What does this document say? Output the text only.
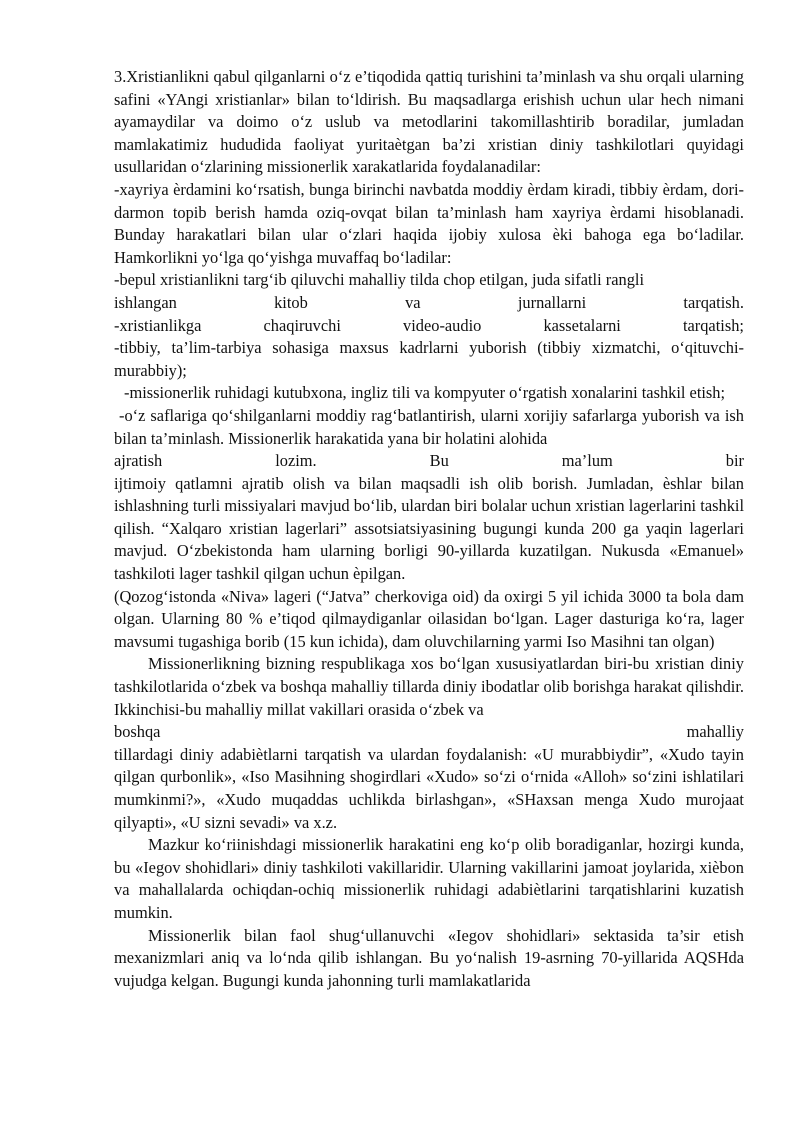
3.Xristianlikni qabul qilganlarni o‘z e’tiqodida qattiq turishini ta’minlash va shu orqali ularning safini «YAngi xristianlar» bilan to‘ldirish. Bu maqsadlarga erishish uchun ular hech nimani ayamaydilar va doimo o‘z uslub va metodlarini takomillashtirib boradilar, jumladan mamlakatimiz hududida faoliyat yuritaètgan ba’zi xristian diniy tashkilotlari quyidagi usullaridan o‘zlarining missionerlik xarakatlarida foydalanadilar:

-xayriya èrdamini ko‘rsatish, bunga birinchi navbatda moddiy èrdam kiradi, tibbiy èrdam, dori-darmon topib berish hamda oziq-ovqat bilan ta’minlash ham xayriya èrdami hisoblanadi. Bunday harakatlari bilan ular o‘zlari haqida ijobiy xulosa èki bahoga ega bo‘ladilar. Hamkorlikni yo‘lga qo‘yishga muvaffaq bo‘ladilar:

-bepul xristianlikni targ‘ib qiluvchi mahalliy tilda chop etilgan, juda sifatli rangli

ishlangan	kitob	va	jurnallarni	tarqatish.
-xristianlikga	chaqiruvchi	video-audio	kassetalarni	tarqatish;

-tibbiy, ta’lim-tarbiya sohasiga maxsus kadrlarni yuborish (tibbiy xizmatchi, o‘qituvchi-murabbiy);

-missionerlik ruhidagi kutubxona, ingliz tili va kompyuter o‘rgatish xonalarini tashkil etish;

-o‘z saflariga qo‘shilganlarni moddiy rag‘batlantirish, ularni xorijiy safarlarga yuborish va ish bilan ta’minlash. Missionerlik harakatida yana bir holatini alohida

ajratish	lozim.	Bu	ma’lum	bir

ijtimoiy qatlamni ajratib olish va bilan maqsadli ish olib borish. Jumladan, èshlar bilan ishlashning turli missiyalari mavjud bo‘lib, ulardan biri bolalar uchun xristian lagerlarini tashkil qilish. “Xalqaro xristian lagerlari” assotsiatsiyasining bugungi kunda 200 ga yaqin lagerlari mavjud. O‘zbekistonda ham ularning borligi 90-yillarda kuzatilgan. Nukusda «Emanuel» tashkiloti lager tashkil qilgan uchun èpilgan.

(Qozog‘istonda «Niva» lageri (“Jatva” cherkoviga oid) da oxirgi 5 yil ichida 3000 ta bola dam olgan. Ularning 80 % e’tiqod qilmaydiganlar oilasidan bo‘lgan. Lager dasturiga ko‘ra, lager mavsumi tugashiga borib (15 kun ichida), dam oluvchilarning yarmi Iso Masihni tan olgan)

Missionerlikning bizning respublikaga xos bo‘lgan xususiyatlardan biri-bu xristian diniy tashkilotlarida o‘zbek va boshqa mahalliy tillarda diniy ibodatlar olib borishga harakat qilishdir. Ikkinchisi-bu mahalliy millat vakillari orasida o‘zbek va

boshqa	mahalliy

tillardagi diniy adabiètlarni tarqatish va ulardan foydalanish: «U murabbiydir”, «Xudo tayin qilgan qurbonlik», «Iso Masihning shogirdlari «Xudo» so‘zi o‘rnida «Alloh» so‘zini ishlatilari mumkinmi?», «Xudo muqaddas uchlikda birlashgan», «SHaxsan menga Xudo murojaat qilyapti», «U sizni sevadi» va x.z.

Mazkur ko‘riinishdagi missionerlik harakatini eng ko‘p olib boradiganlar, hozirgi kunda, bu «Iegov shohidlari» diniy tashkiloti vakillaridir. Ularning vakillarini jamoat joylarida, xièbon va mahallalarda ochiqdan-ochiq missionerlik ruhidagi adabiètlarini tarqatishlarini kuzatish mumkin.

Missionerlik bilan faol shug‘ullanuvchi «Iegov shohidlari» sektasida ta’sir etish mexanizmlari aniq va lo‘nda qilib ishlangan. Bu yo‘nalish 19-asrning 70-yillarida AQSHda vujudga kelgan. Bugungi kunda jahonning turli mamlakatlarida
